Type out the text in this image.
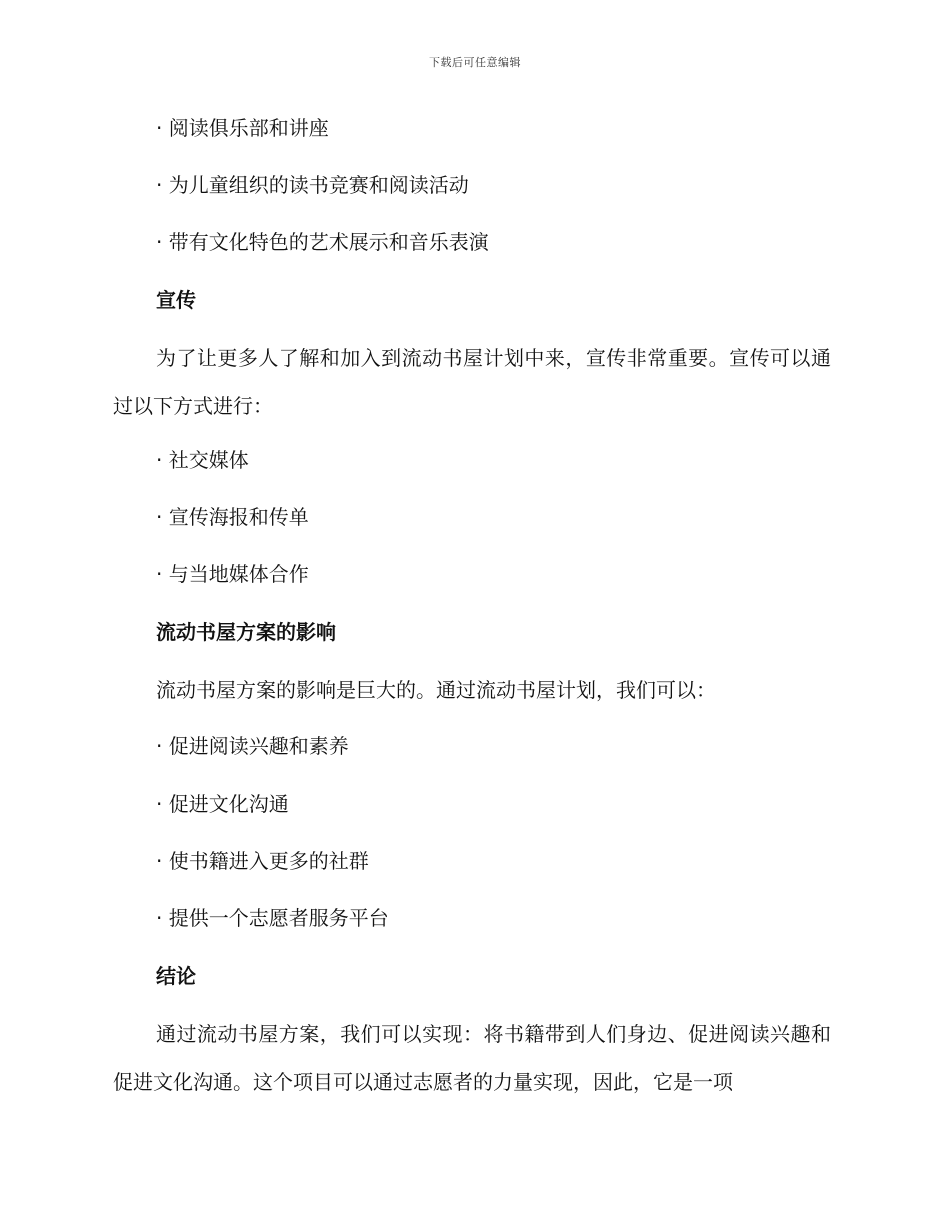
下载后可任意编辑
· 阅读俱乐部和讲座
· 为儿童组织的读书竞赛和阅读活动
· 带有文化特色的艺术展示和音乐表演
宣传
为了让更多人了解和加入到流动书屋计划中来，宣传非常重要。宣传可以通过以下方式进行：
· 社交媒体
· 宣传海报和传单
· 与当地媒体合作
流动书屋方案的影响
流动书屋方案的影响是巨大的。通过流动书屋计划，我们可以：
· 促进阅读兴趣和素养
· 促进文化沟通
· 使书籍进入更多的社群
· 提供一个志愿者服务平台
结论
通过流动书屋方案，我们可以实现：将书籍带到人们身边、促进阅读兴趣和促进文化沟通。这个项目可以通过志愿者的力量实现，因此，它是一项
